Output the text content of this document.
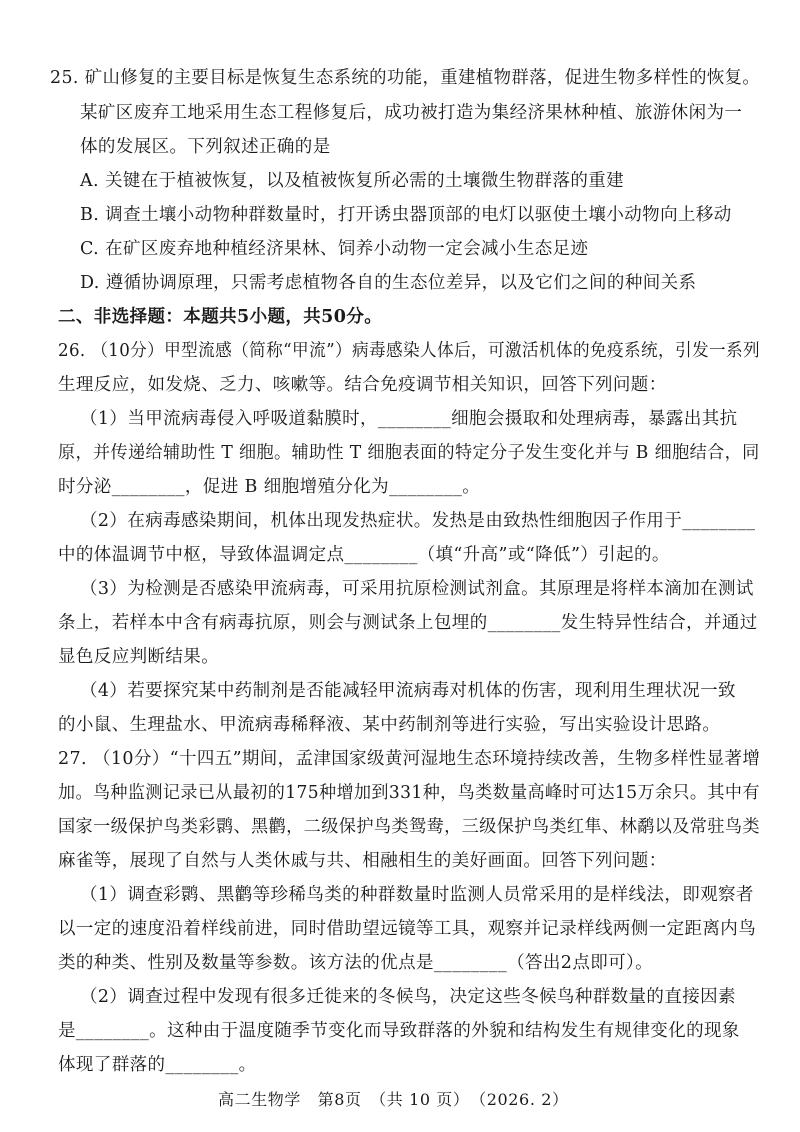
25. 矿山修复的主要目标是恢复生态系统的功能，重建植物群落，促进生物多样性的恢复。
某矿区废弃工地采用生态工程修复后，成功被打造为集经济果林种植、旅游休闲为一
体的发展区。下列叙述正确的是
A. 关键在于植被恢复，以及植被恢复所必需的土壤微生物群落的重建
B. 调查土壤小动物种群数量时，打开诱虫器顶部的电灯以驱使土壤小动物向上移动
C. 在矿区废弃地种植经济果林、饲养小动物一定会减小生态足迹
D. 遵循协调原理，只需考虑植物各自的生态位差异，以及它们之间的种间关系
二、非选择题：本题共5小题，共50分。
26. （10分）甲型流感（简称“甲流”）病毒感染人体后，可激活机体的免疫系统，引发一系列
生理反应，如发烧、乏力、咳嗽等。结合免疫调节相关知识，回答下列问题：
（1）当甲流病毒侵入呼吸道黏膜时，________细胞会摄取和处理病毒，暴露出其抗
原，并传递给辅助性 T 细胞。辅助性 T 细胞表面的特定分子发生变化并与 B 细胞结合，同
时分泌________，促进 B 细胞增殖分化为________。
（2）在病毒感染期间，机体出现发热症状。发热是由致热性细胞因子作用于________
中的体温调节中枢，导致体温调定点________（填“升高”或“降低”）引起的。
（3）为检测是否感染甲流病毒，可采用抗原检测试剂盒。其原理是将样本滴加在测试
条上，若样本中含有病毒抗原，则会与测试条上包埋的________发生特异性结合，并通过
显色反应判断结果。
（4）若要探究某中药制剂是否能减轻甲流病毒对机体的伤害，现利用生理状况一致
的小鼠、生理盐水、甲流病毒稀释液、某中药制剂等进行实验，写出实验设计思路。
27. （10分）“十四五”期间，孟津国家级黄河湿地生态环境持续改善，生物多样性显著增
加。鸟种监测记录已从最初的175种增加到331种，鸟类数量高峰时可达15万余只。其中有
国家一级保护鸟类彩鹮、黑鹳，二级保护鸟类鸳鸯，三级保护鸟类红隼、林鹬以及常驻鸟类
麻雀等，展现了自然与人类休戚与共、相融相生的美好画面。回答下列问题：
（1）调查彩鹮、黑鹳等珍稀鸟类的种群数量时监测人员常采用的是样线法，即观察者
以一定的速度沿着样线前进，同时借助望远镜等工具，观察并记录样线两侧一定距离内鸟
类的种类、性别及数量等参数。该方法的优点是________（答出2点即可）。
（2）调查过程中发现有很多迁徙来的冬候鸟，决定这些冬候鸟种群数量的直接因素
是________。这种由于温度随季节变化而导致群落的外貌和结构发生有规律变化的现象
体现了群落的________。
高二生物学　第8页　（共 10 页）　（2026. 2）
